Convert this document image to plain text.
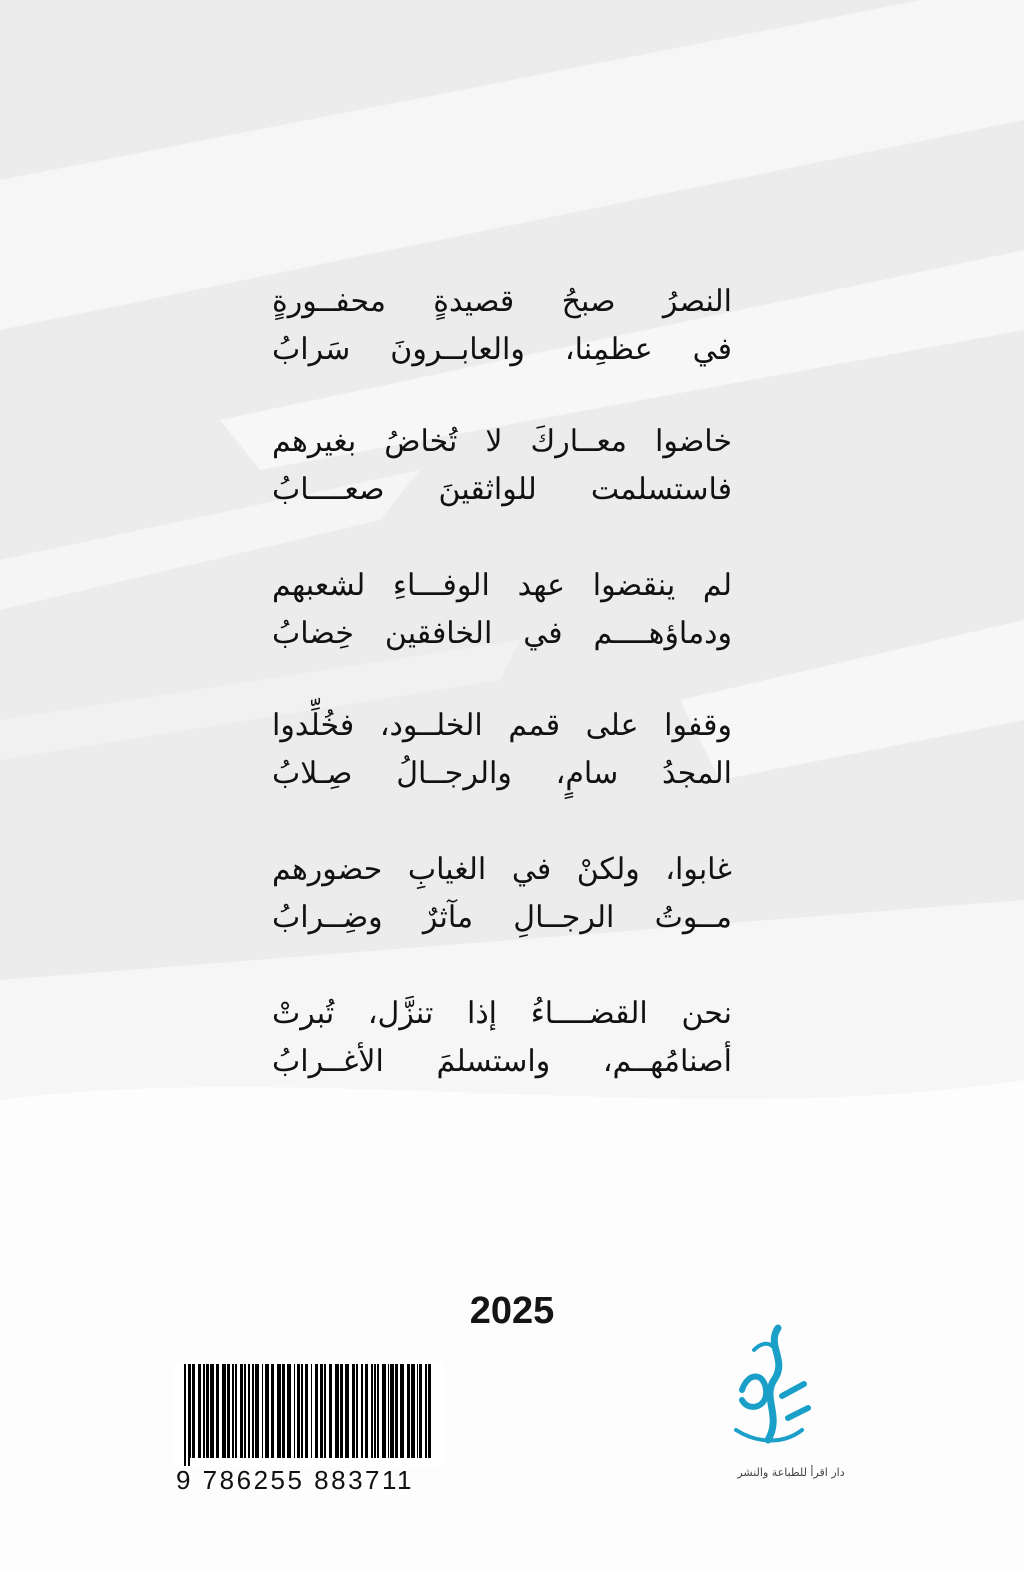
النصرُ صبحُ قصيدةٍ محفــورةٍ
في عظمِنا، والعابــرونَ سَرابُ
خاضوا معــاركَ لا تُخاضُ بغيرهم
فاستسلمت للواثقينَ صعــــابُ
لم ينقضوا عهد الوفـــاءِ لشعبهم
ودماؤهــــم في الخافقين خِضابُ
وقفوا على قمم الخلــود، فخُلِّدوا
المجدُ سامٍ، والرجــالُ صِـلابُ
غابوا، ولكنْ في الغيابِ حضورهم
مــوتُ الرجــالِ مآثرٌ وضِــرابُ
نحن القضــــاءُ إذا تنزَّل، تُبرتْ
أصنامُهــم، واستسلمَ الأغــرابُ
2025
9 786255 883711	دار اقرأ للطباعة والنشر
